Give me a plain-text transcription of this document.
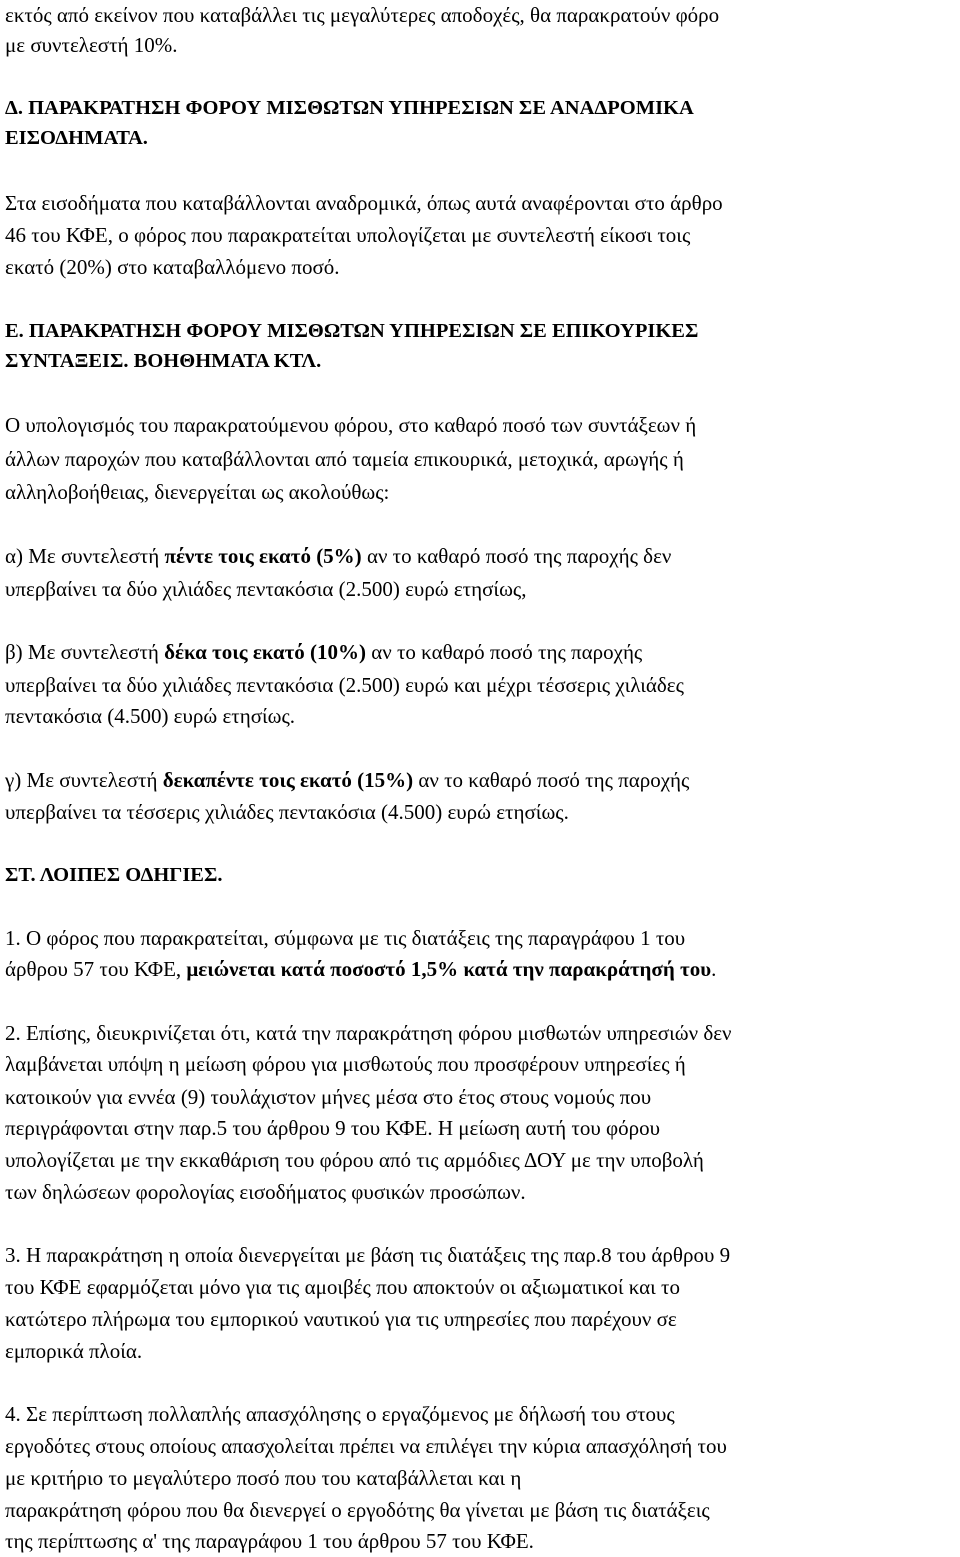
εκτός από εκείνον που καταβάλλει τις μεγαλύτερες αποδοχές, θα παρακρατούν φόρο
με συντελεστή 10%.
Δ. ΠΑΡΑΚΡΑΤΗΣΗ ΦΟΡΟΥ ΜΙΣΘΩΤΩΝ ΥΠΗΡΕΣΙΩΝ ΣΕ ΑΝΑΔΡΟΜΙΚΑ
ΕΙΣΟΔΗΜΑΤΑ.
Στα εισοδήματα που καταβάλλονται αναδρομικά, όπως αυτά αναφέρονται στο άρθρο
46 του ΚΦΕ, ο φόρος που παρακρατείται υπολογίζεται με συντελεστή είκοσι τοις
εκατό (20%) στο καταβαλλόμενο ποσό.
Ε. ΠΑΡΑΚΡΑΤΗΣΗ ΦΟΡΟΥ ΜΙΣΘΩΤΩΝ ΥΠΗΡΕΣΙΩΝ ΣΕ ΕΠΙΚΟΥΡΙΚΕΣ
ΣΥΝΤΑΞΕΙΣ. ΒΟΗΘΗΜΑΤΑ ΚΤΛ.
Ο υπολογισμός του παρακρατούμενου φόρου, στο καθαρό ποσό των συντάξεων ή
άλλων παροχών που καταβάλλονται από ταμεία επικουρικά, μετοχικά, αρωγής ή
αλληλοβοήθειας, διενεργείται ως ακολούθως:
α) Με συντελεστή πέντε τοις εκατό (5%) αν το καθαρό ποσό της παροχής δεν
υπερβαίνει τα δύο χιλιάδες πεντακόσια (2.500) ευρώ ετησίως,
β) Με συντελεστή δέκα τοις εκατό (10%) αν το καθαρό ποσό της παροχής
υπερβαίνει τα δύο χιλιάδες πεντακόσια (2.500) ευρώ και μέχρι τέσσερις χιλιάδες
πεντακόσια (4.500) ευρώ ετησίως.
γ) Με συντελεστή δεκαπέντε τοις εκατό (15%) αν το καθαρό ποσό της παροχής
υπερβαίνει τα τέσσερις χιλιάδες πεντακόσια (4.500) ευρώ ετησίως.
ΣΤ. ΛΟΙΠΕΣ ΟΔΗΓΙΕΣ.
1. Ο φόρος που παρακρατείται, σύμφωνα με τις διατάξεις της παραγράφου 1 του
άρθρου 57 του ΚΦΕ, μειώνεται κατά ποσοστό 1,5% κατά την παρακράτησή του.
2. Επίσης, διευκρινίζεται ότι, κατά την παρακράτηση φόρου μισθωτών υπηρεσιών δεν
λαμβάνεται υπόψη η μείωση φόρου για μισθωτούς που προσφέρουν υπηρεσίες ή
κατοικούν για εννέα (9) τουλάχιστον μήνες μέσα στο έτος στους νομούς που
περιγράφονται στην παρ.5 του άρθρου 9 του ΚΦΕ. Η μείωση αυτή του φόρου
υπολογίζεται με την εκκαθάριση του φόρου από τις αρμόδιες ΔΟΥ με την υποβολή
των δηλώσεων φορολογίας εισοδήματος φυσικών προσώπων.
3. Η παρακράτηση η οποία διενεργείται με βάση τις διατάξεις της παρ.8 του άρθρου 9
του ΚΦΕ εφαρμόζεται μόνο για τις αμοιβές που αποκτούν οι αξιωματικοί και το
κατώτερο πλήρωμα του εμπορικού ναυτικού για τις υπηρεσίες που παρέχουν σε
εμπορικά πλοία.
4. Σε περίπτωση πολλαπλής απασχόλησης ο εργαζόμενος με δήλωσή του στους
εργοδότες στους οποίους απασχολείται πρέπει να επιλέγει την κύρια απασχόλησή του
με κριτήριο το μεγαλύτερο ποσό που του καταβάλλεται και η
παρακράτηση φόρου που θα διενεργεί ο εργοδότης θα γίνεται με βάση τις διατάξεις
της περίπτωσης α' της παραγράφου 1 του άρθρου 57 του ΚΦΕ.
